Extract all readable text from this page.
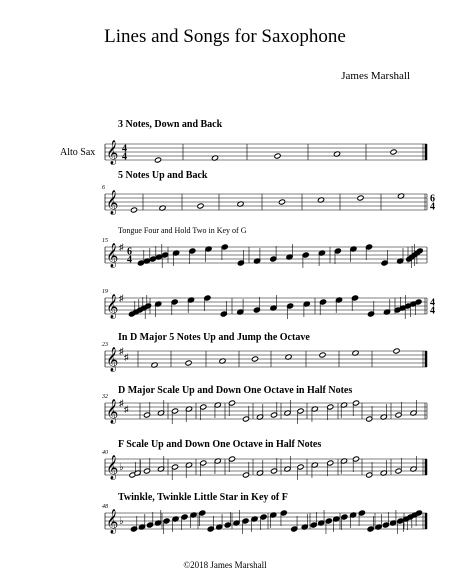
Lines and Songs for Saxophone
James Marshall
𝄞 4
4
𝄞	6
4
6
𝄞 ♯ 6
4
15
𝄞 ♯	4
4
19
𝄞 ♯
♯
23
𝄞 ♯
♯
32
𝄞 ♭
40
𝄞 ♭
48
Alto Sax
3 Notes, Down and Back
5 Notes Up and Back
Tongue Four and Hold Two in Key of G
In D Major 5 Notes Up and Jump the Octave
D Major Scale Up and Down One Octave in Half Notes
F Scale Up and Down One Octave in Half Notes
Twinkle, Twinkle Little Star in Key of F
©2018 James Marshall
